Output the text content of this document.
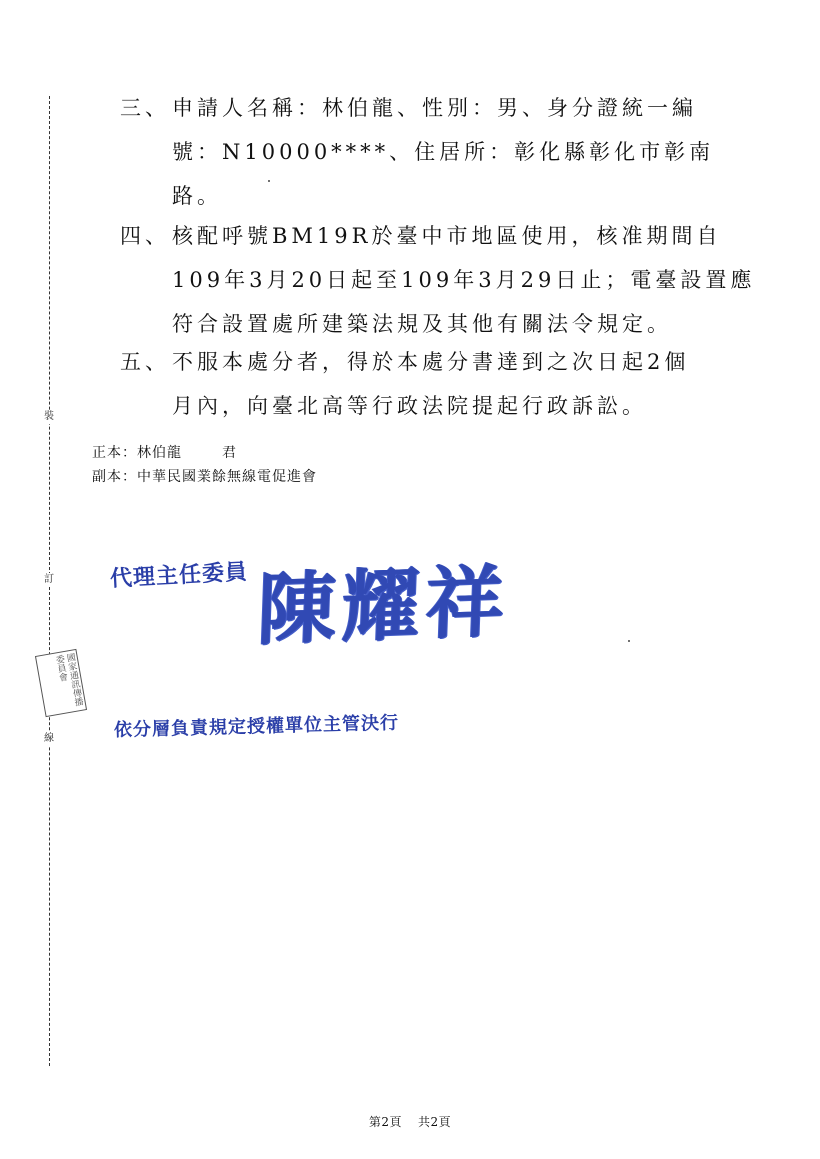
裝
訂
線
三、 申請人名稱：林伯龍、性別：男、身分證統一編
號：N10000****、住居所：彰化縣彰化市彰南
路。
四、 核配呼號BM19R於臺中市地區使用，核准期間自
109年3月20日起至109年3月29日止；電臺設置應
符合設置處所建築法規及其他有關法令規定。
五、 不服本處分者，得於本處分書達到之次日起2個
月內，向臺北高等行政法院提起行政訴訟。
正本：林伯龍	君
副本：中華民國業餘無線電促進會
代理主任委員 陳耀祥
國家通訊傳播委員會
依分層負責規定授權單位主管決行
第2頁 共2頁
